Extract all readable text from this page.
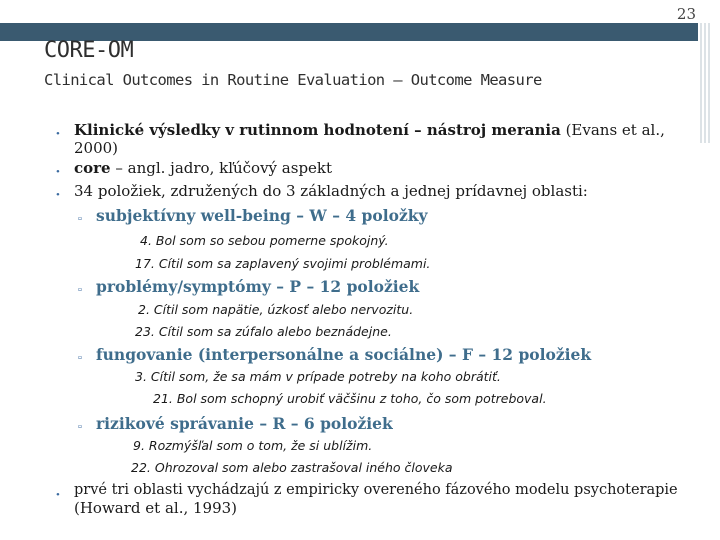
23
CORE-OM
Clinical Outcomes in Routine Evaluation – Outcome Measure
• Klinické výsledky v rutinnom hodnotení – nástroj merania (Evans et al.,
2000)
• core – angl. jadro, kľúčový aspekt
• 34 položiek, združených do 3 základných a jednej prídavnej oblasti:
▫ subjektívny well-being – W – 4 položky
4. Bol som so sebou pomerne spokojný.
17. Cítil som sa zaplavený svojimi problémami.
▫ problémy/symptómy – P – 12 položiek
2. Cítil som napätie, úzkosť alebo nervozitu.
23. Cítil som sa zúfalo alebo beznádejne.
▫ fungovanie (interpersonálne a sociálne) – F – 12 položiek
3. Cítil som, že sa mám v prípade potreby na koho obrátiť.
21. Bol som schopný urobiť väčšinu z toho, čo som potreboval.
▫ rizikové správanie – R – 6 položiek
9. Rozmýšľal som o tom, že si ublížim.
22. Ohrozoval som alebo zastrašoval iného človeka
• prvé tri oblasti vychádzajú z empiricky overeného fázového modelu psychoterapie
(Howard et al., 1993)
